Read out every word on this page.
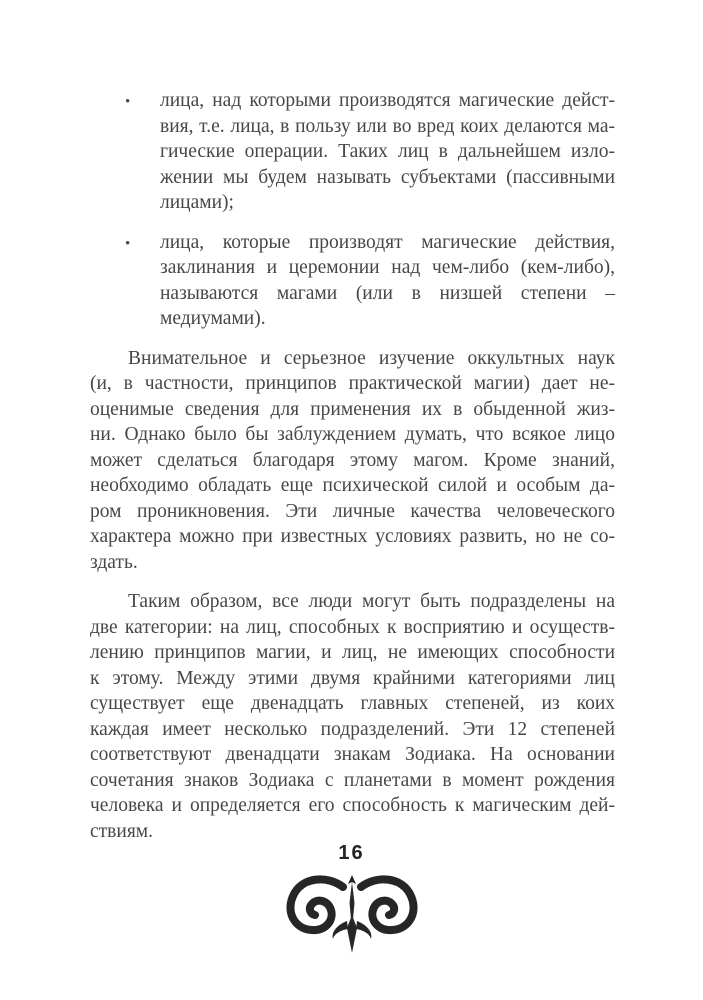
• лица, над которыми производятся магические дейст-
вия, т.е. лица, в пользу или во вред коих делаются ма-
гические операции. Таких лиц в дальнейшем изло-
жении мы будем называть субъектами (пассивными
лицами);
• лица, которые производят магические действия,
заклинания и церемонии над чем-либо (кем-либо),
называются магами (или в низшей степени –
медиумами).
Внимательное и серьезное изучение оккультных наук
(и, в частности, принципов практической магии) дает не-
оценимые сведения для применения их в обыденной жиз-
ни. Однако было бы заблуждением думать, что всякое лицо
может сделаться благодаря этому магом. Кроме знаний,
необходимо обладать еще психической силой и особым да-
ром проникновения. Эти личные качества человеческого
характера можно при известных условиях развить, но не со-
здать.
Таким образом, все люди могут быть подразделены на
две категории: на лиц, способных к восприятию и осуществ-
лению принципов магии, и лиц, не имеющих способности
к этому. Между этими двумя крайними категориями лиц
существует еще двенадцать главных степеней, из коих
каждая имеет несколько подразделений. Эти 12 степеней
соответствуют двенадцати знакам Зодиака. На основании
сочетания знаков Зодиака с планетами в момент рождения
человека и определяется его способность к магическим дей-
ствиям.
16
